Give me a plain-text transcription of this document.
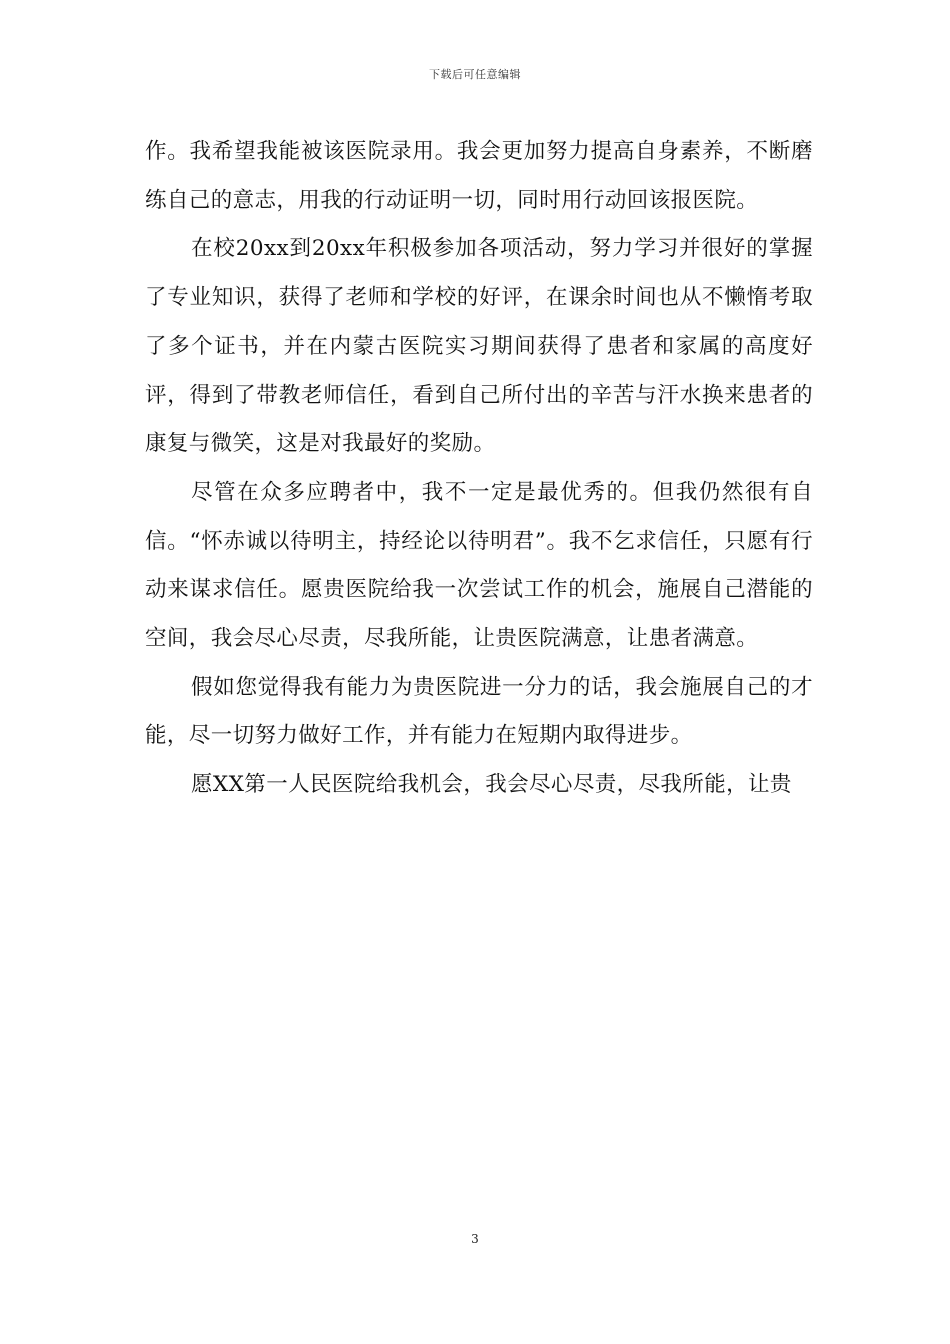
下载后可任意编辑

作。我希望我能被该医院录用。我会更加努力提高自身素养，不断磨练自己的意志，用我的行动证明一切，同时用行动回该报医院。

在校20xx到20xx年积极参加各项活动，努力学习并很好的掌握了专业知识，获得了老师和学校的好评，在课余时间也从不懒惰考取了多个证书，并在内蒙古医院实习期间获得了患者和家属的高度好评，得到了带教老师信任，看到自己所付出的辛苦与汗水换来患者的康复与微笑，这是对我最好的奖励。

尽管在众多应聘者中，我不一定是最优秀的。但我仍然很有自信。“怀赤诚以待明主，持经论以待明君”。我不乞求信任，只愿有行动来谋求信任。愿贵医院给我一次尝试工作的机会，施展自己潜能的空间，我会尽心尽责，尽我所能，让贵医院满意，让患者满意。

假如您觉得我有能力为贵医院进一分力的话，我会施展自己的才能，尽一切努力做好工作，并有能力在短期内取得进步。

愿XX第一人民医院给我机会，我会尽心尽责，尽我所能，让贵

3
